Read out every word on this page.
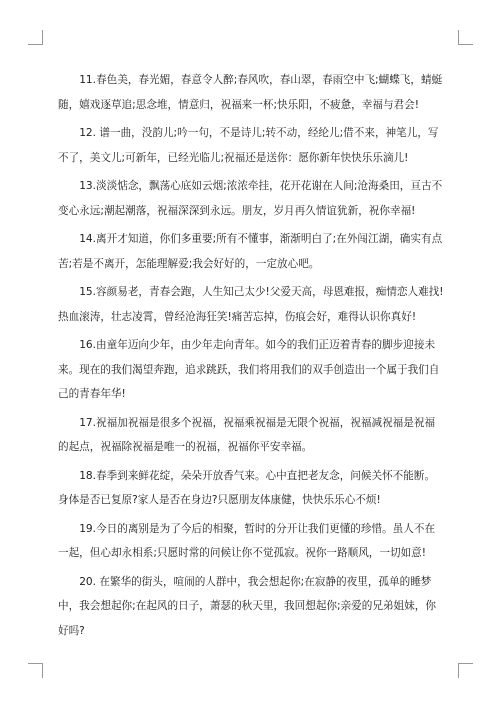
11.春色美，春光媚，春意令人醉;春风吹，春山翠，春雨空中飞;蝴蝶飞，蜻蜓随，嬉戏逐草追;思念堆，情意归，祝福来一杯;快乐阳，不疲惫，幸福与君会!

12. 谱一曲，没韵儿;吟一句，不是诗儿;转不动，经纶儿;借不来，神笔儿，写不了，美文儿;可新年，已经光临儿;祝福还是送你：愿你新年快快乐乐滴儿!

13.淡淡惦念，飘荡心底如云烟;浓浓牵挂，花开花谢在人间;沧海桑田，亘古不变心永远;潮起潮落，祝福深深到永远。朋友，岁月再久情谊犹新，祝你幸福!

14.离开才知道，你们多重要;所有不懂事，渐渐明白了;在外闯江湖，确实有点苦;若是不离开，怎能理解爱;我会好好的，一定放心吧。

15.容颜易老，青春会跑，人生知己太少!父爱天高，母恩难报，痴情恋人难找!热血滚涛，壮志凌霄，曾经沧海狂笑!痛苦忘掉，伤痕会好，难得认识你真好!

16.由童年迈向少年，由少年走向青年。如今的我们正迈着青春的脚步迎接未来。现在的我们渴望奔跑，追求跳跃，我们将用我们的双手创造出一个属于我们自己的青春年华!

17.祝福加祝福是很多个祝福，祝福乘祝福是无限个祝福，祝福减祝福是祝福的起点，祝福除祝福是唯一的祝福，祝福你平安幸福。

18.春季到来鲜花绽，朵朵开放香气来。心中直把老友念，问候关怀不能断。身体是否已复原?家人是否在身边?只愿朋友体康健，快快乐乐心不烦!

19.今日的离别是为了今后的相聚，暂时的分开让我们更懂的珍惜。虽人不在一起，但心却永相系;只愿时常的问候让你不觉孤寂。祝你一路顺风，一切如意!

20. 在繁华的街头，喧闹的人群中，我会想起你;在寂静的夜里，孤单的睡梦中，我会想起你;在起风的日子，萧瑟的秋天里，我回想起你;亲爱的兄弟姐妹，你好吗?
